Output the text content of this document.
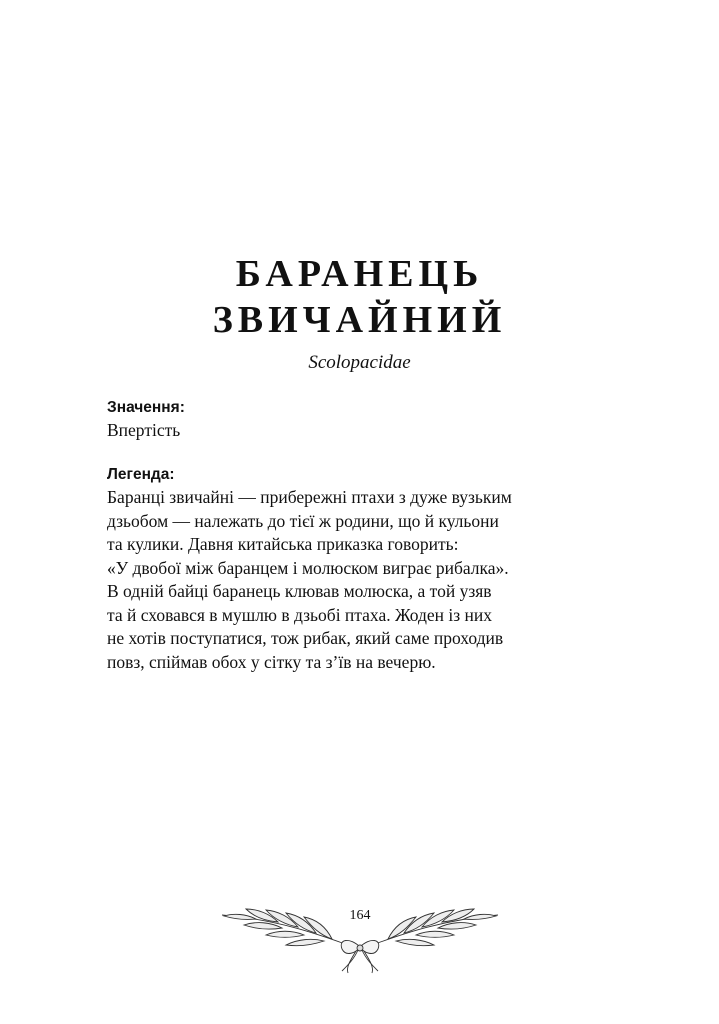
БАРАНЕЦЬ
ЗВИЧАЙНИЙ
Scolopacidae
Значення:
Впертість
Легенда:
Баранці звичайні — прибережні птахи з дуже вузьким
дзьобом — належать до тієї ж родини, що й кульони
та кулики. Давня китайська приказка говорить:
«У двобої між баранцем і молюском виграє рибалка».
В одній байці баранець клював молюска, а той узяв
та й сховався в мушлю в дзьобі птаха. Жоден із них
не хотів поступатися, тож рибак, який саме проходив
повз, спіймав обох у сітку та з’їв на вечерю.
164
